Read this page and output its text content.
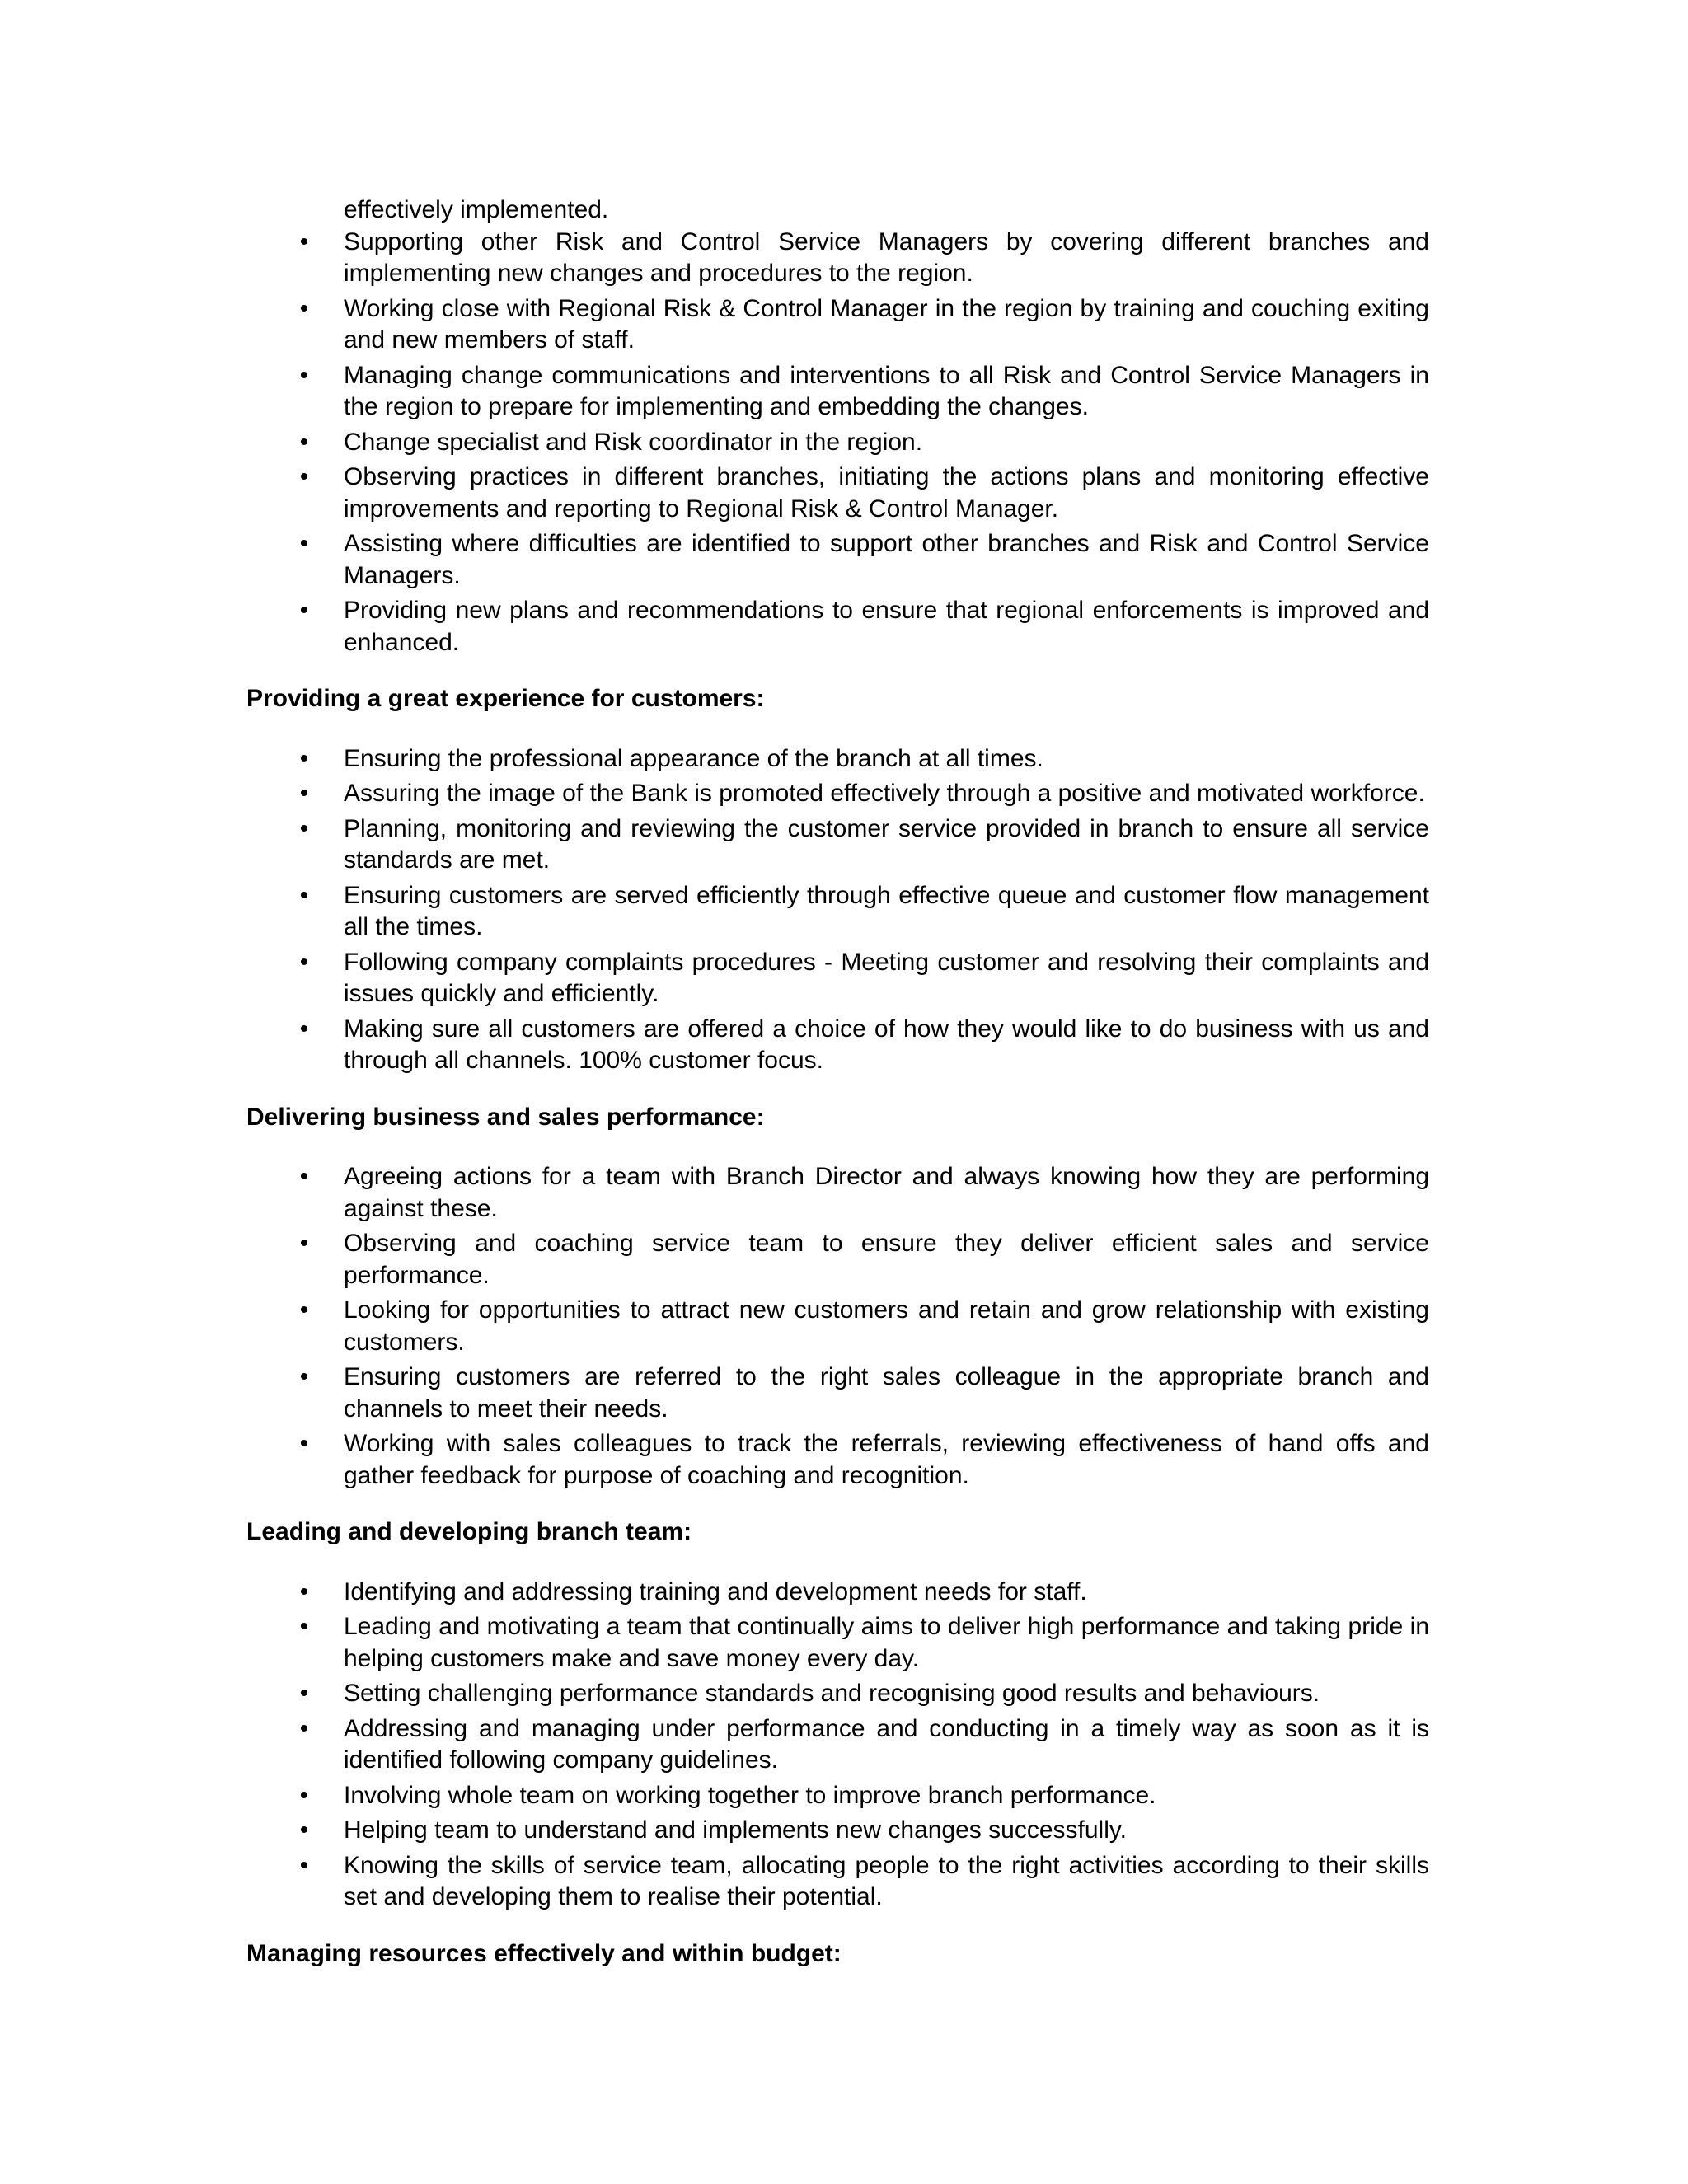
effectively implemented.

• Supporting other Risk and Control Service Managers by covering different branches and implementing new changes and procedures to the region.
• Working close with Regional Risk & Control Manager in the region by training and couching exiting and new members of staff.
• Managing change communications and interventions to all Risk and Control Service Managers in the region to prepare for implementing and embedding the changes.
• Change specialist and Risk coordinator in the region.
• Observing practices in different branches, initiating the actions plans and monitoring effective improvements and reporting to Regional Risk & Control Manager.
• Assisting where difficulties are identified to support other branches and Risk and Control Service Managers.
• Providing new plans and recommendations to ensure that regional enforcements is improved and enhanced.

Providing a great experience for customers:

• Ensuring the professional appearance of the branch at all times.
• Assuring the image of the Bank is promoted effectively through a positive and motivated workforce.
• Planning, monitoring and reviewing the customer service provided in branch to ensure all service standards are met.
• Ensuring customers are served efficiently through effective queue and customer flow management all the times.
• Following company complaints procedures - Meeting customer and resolving their complaints and issues quickly and efficiently.
• Making sure all customers are offered a choice of how they would like to do business with us and through all channels. 100% customer focus.

Delivering business and sales performance:

• Agreeing actions for a team with Branch Director and always knowing how they are performing against these.
• Observing and coaching service team to ensure they deliver efficient sales and service performance.
• Looking for opportunities to attract new customers and retain and grow relationship with existing customers.
• Ensuring customers are referred to the right sales colleague in the appropriate branch and channels to meet their needs.
• Working with sales colleagues to track the referrals, reviewing effectiveness of hand offs and gather feedback for purpose of coaching and recognition.

Leading and developing branch team:

• Identifying and addressing training and development needs for staff.
• Leading and motivating a team that continually aims to deliver high performance and taking pride in helping customers make and save money every day.
• Setting challenging performance standards and recognising good results and behaviours.
• Addressing and managing under performance and conducting in a timely way as soon as it is identified following company guidelines.
• Involving whole team on working together to improve branch performance.
• Helping team to understand and implements new changes successfully.
• Knowing the skills of service team, allocating people to the right activities according to their skills set and developing them to realise their potential.

Managing resources effectively and within budget:
